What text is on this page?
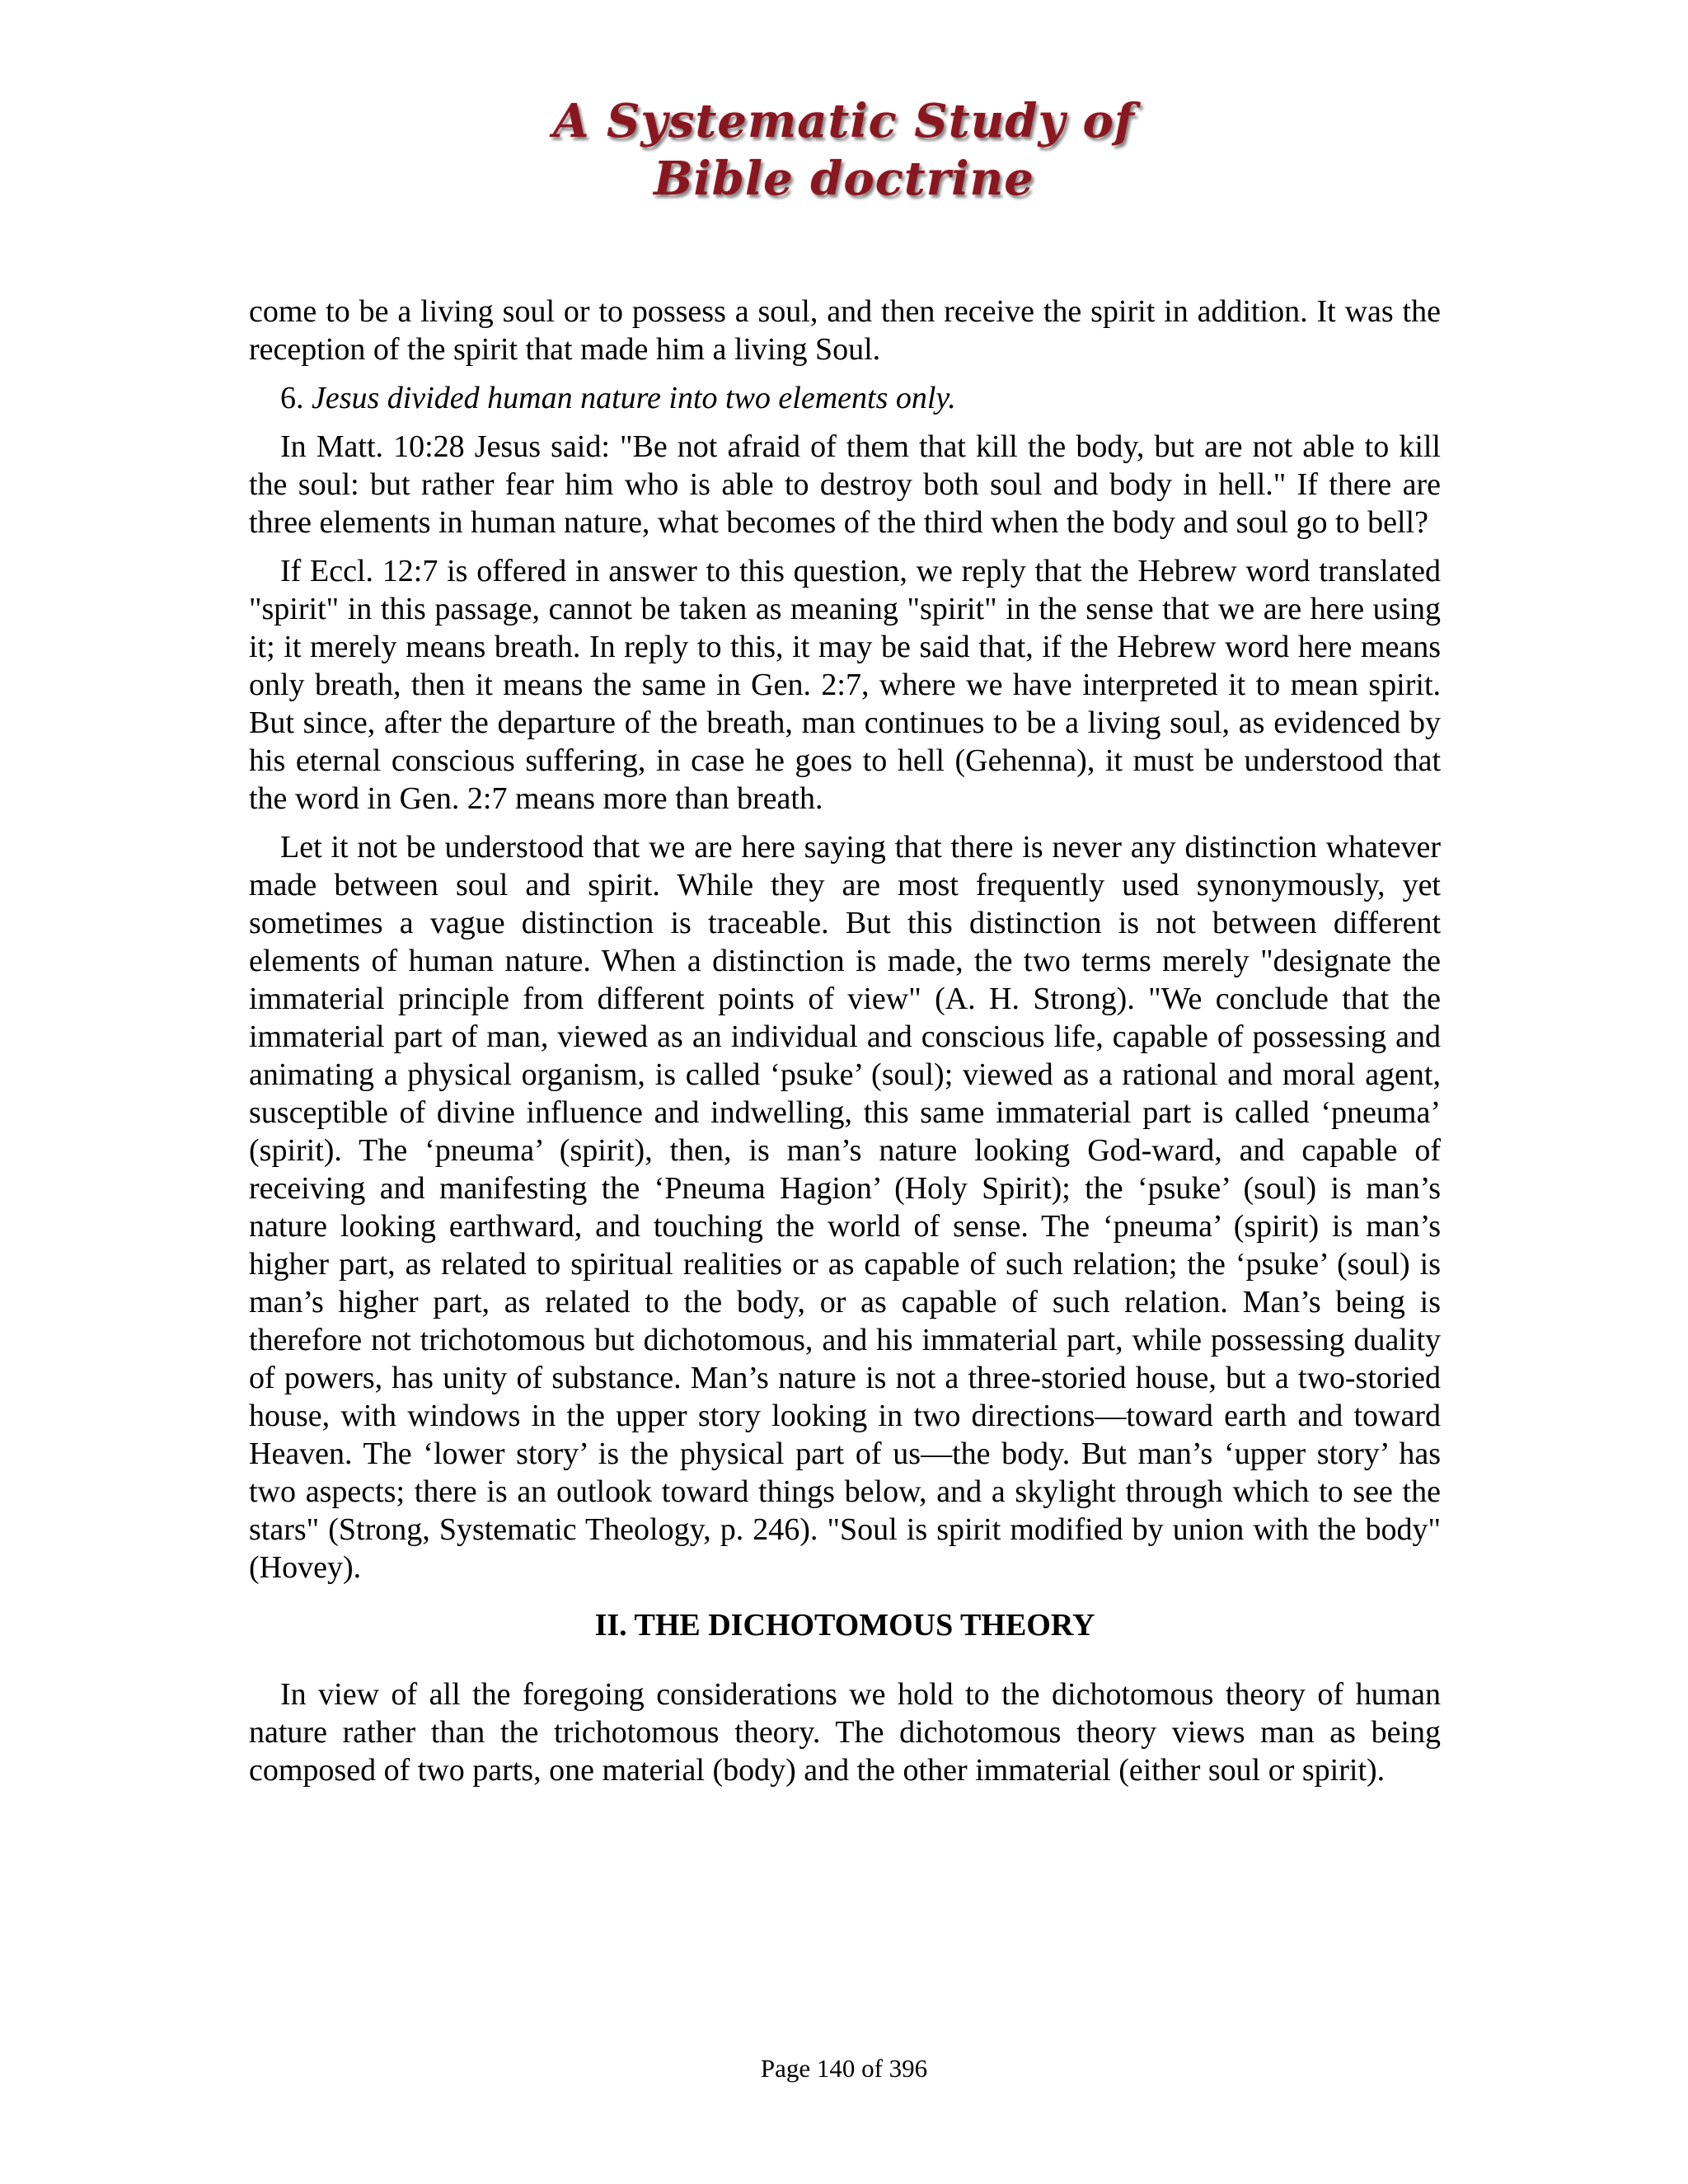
A Systematic Study of
Bible doctrine

come to be a living soul or to possess a soul, and then receive the spirit in addition. It was the reception of the spirit that made him a living Soul.

6. Jesus divided human nature into two elements only.

In Matt. 10:28 Jesus said: "Be not afraid of them that kill the body, but are not able to kill the soul: but rather fear him who is able to destroy both soul and body in hell." If there are three elements in human nature, what becomes of the third when the body and soul go to bell?

If Eccl. 12:7 is offered in answer to this question, we reply that the Hebrew word translated "spirit" in this passage, cannot be taken as meaning "spirit" in the sense that we are here using it; it merely means breath. In reply to this, it may be said that, if the Hebrew word here means only breath, then it means the same in Gen. 2:7, where we have interpreted it to mean spirit. But since, after the departure of the breath, man continues to be a living soul, as evidenced by his eternal conscious suffering, in case he goes to hell (Gehenna), it must be understood that the word in Gen. 2:7 means more than breath.

Let it not be understood that we are here saying that there is never any distinction whatever made between soul and spirit. While they are most frequently used synonymously, yet sometimes a vague distinction is traceable. But this distinction is not between different elements of human nature. When a distinction is made, the two terms merely "designate the immaterial principle from different points of view" (A. H. Strong). "We conclude that the immaterial part of man, viewed as an individual and conscious life, capable of possessing and animating a physical organism, is called ‘psuke’ (soul); viewed as a rational and moral agent, susceptible of divine influence and indwelling, this same immaterial part is called ‘pneuma’ (spirit). The ‘pneuma’ (spirit), then, is man’s nature looking God-ward, and capable of receiving and manifesting the ‘Pneuma Hagion’ (Holy Spirit); the ‘psuke’ (soul) is man’s nature looking earthward, and touching the world of sense. The ‘pneuma’ (spirit) is man’s higher part, as related to spiritual realities or as capable of such relation; the ‘psuke’ (soul) is man’s higher part, as related to the body, or as capable of such relation. Man’s being is therefore not trichotomous but dichotomous, and his immaterial part, while possessing duality of powers, has unity of substance. Man’s nature is not a three-storied house, but a two-storied house, with windows in the upper story looking in two directions—toward earth and toward Heaven. The ‘lower story’ is the physical part of us—the body. But man’s ‘upper story’ has two aspects; there is an outlook toward things below, and a skylight through which to see the stars" (Strong, Systematic Theology, p. 246). "Soul is spirit modified by union with the body" (Hovey).

II. THE DICHOTOMOUS THEORY

In view of all the foregoing considerations we hold to the dichotomous theory of human nature rather than the trichotomous theory. The dichotomous theory views man as being composed of two parts, one material (body) and the other immaterial (either soul or spirit).

Page 140 of 396
